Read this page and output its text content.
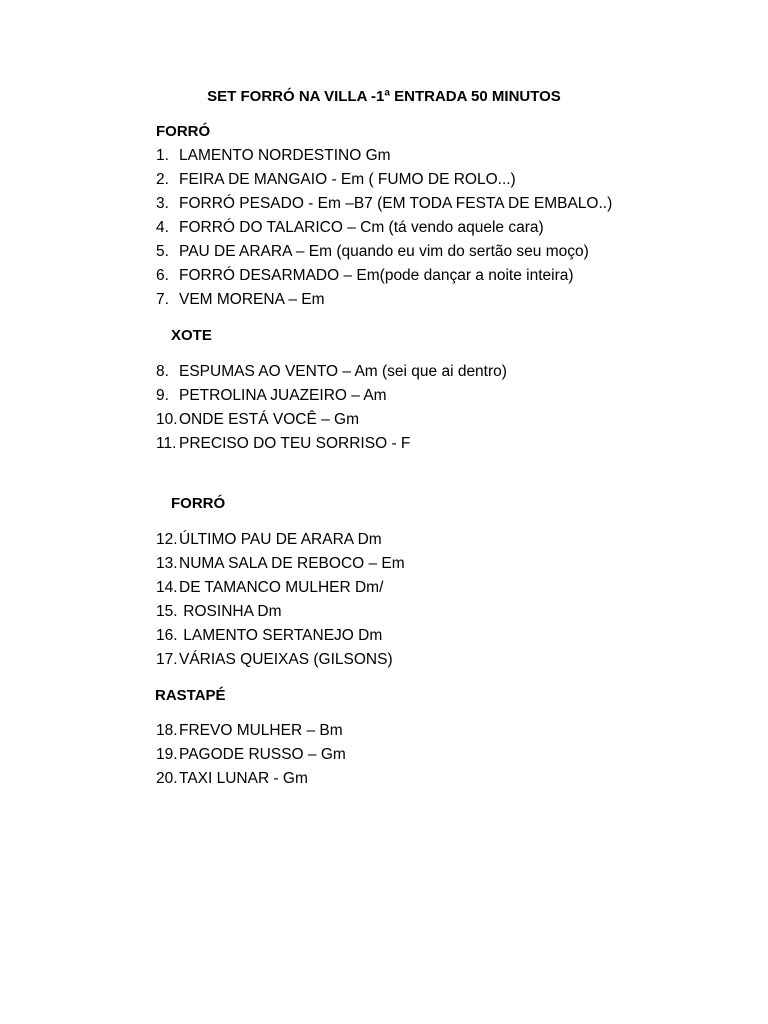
SET FORRÓ NA VILLA -1ª ENTRADA 50 MINUTOS
FORRÓ
1. LAMENTO NORDESTINO Gm
2. FEIRA DE MANGAIO - Em ( FUMO DE ROLO...)
3. FORRÓ PESADO - Em –B7 (EM TODA FESTA DE EMBALO..)
4. FORRÓ DO TALARICO – Cm (tá vendo aquele cara)
5. PAU DE ARARA – Em (quando eu vim do sertão seu moço)
6. FORRÓ DESARMADO – Em(pode dançar a noite inteira)
7. VEM MORENA – Em
XOTE
8. ESPUMAS AO VENTO – Am (sei que ai dentro)
9. PETROLINA JUAZEIRO – Am
10.ONDE ESTÁ VOCÊ – Gm
11. PRECISO DO TEU SORRISO - F
FORRÓ
12.ÚLTIMO PAU DE ARARA Dm
13.NUMA SALA DE REBOCO – Em
14.DE TAMANCO MULHER Dm/
15. ROSINHA Dm
16. LAMENTO SERTANEJO Dm
17.VÁRIAS QUEIXAS (GILSONS)
RASTAPÉ
18.FREVO MULHER – Bm
19.PAGODE RUSSO – Gm
20.TAXI LUNAR - Gm
